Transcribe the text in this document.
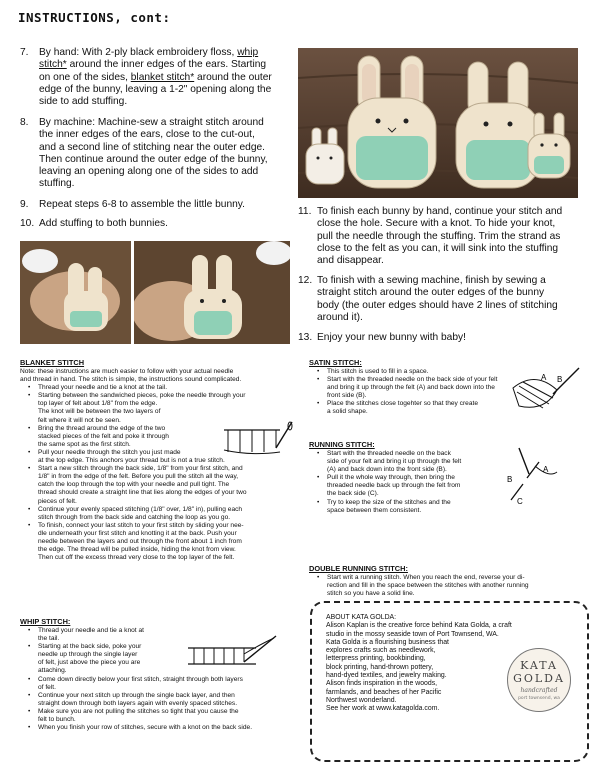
INSTRUCTIONS, cont:
7. By hand: With 2-ply black embroidery floss, whip
stitch* around the inner edges of the ears. Starting
on one of the sides, blanket stitch* around the outer
edge of the bunny, leaving a 1-2" opening along the
side to add stuffing.
8. By machine: Machine-sew a straight stitch around
the inner edges of the ears, close to the cut-out,
and a second line of stitching near the outer edge.
Then continue around the outer edge of the bunny,
leaving an opening along one of the sides to add
stuffing.
9. Repeat steps 6-8 to assemble the little bunny.
10. Add stuffing to both bunnies.
11. To finish each bunny by hand, continue your stitch and
close the hole. Secure with a knot. To hide your knot,
pull the needle through the stuffing. Trim the strand as
close to the felt as you can, it will sink into the stuffing
and disappear.
12. To finish with a sewing machine, finish by sewing a
straight stitch around the outer edges of the bunny
body (the outer edges should have 2 lines of stitching
around it).
13. Enjoy your new bunny with baby!
BLANKET STITCH
Note: these instructions are much easier to follow with your actual needle
and thread in hand. The stitch is simple, the instructions sound complicated.
• Thread your needle and tie a knot at the tail.
• Starting between the sandwiched pieces, poke the needle through your
top layer of felt about 1/8" from the edge.
The knot will be between the two layers of
felt where it will not be seen.
• Bring the thread around the edge of the two
stacked pieces of the felt and poke it through
the same spot as the first stitch.
• Pull your needle through the stitch you just made
at the top edge. This anchors your thread but is not a true stitch.
• Start a new stitch through the back side, 1/8" from your first stitch, and
1/8" in from the edge of the felt. Before you pull the stitch all the way,
catch the loop through the top with your needle and pull tight. The
thread should create a straight line that lies along the edges of your two
pieces of felt.
• Continue your evenly spaced stitching (1/8" over, 1/8" in), pulling each
stitch through from the back side and catching the loop as you go.
• To finish, connect your last stitch to your first stitch by sliding your nee-
dle underneath your first stitch and knotting it at the back. Push your
needle between the layers and out through the front about 1 inch from
the edge. The thread will be pulled inside, hiding the knot from view.
Then cut off the excess thread very close to the top layer of the felt.
WHIP STITCH:
• Thread your needle and tie a knot at
the tail.
• Starting at the back side, poke your
needle up through the single layer
of felt, just above the piece you are
attaching.
• Come down directly below your first stitch, straight through both layers
of felt.
• Continue your next stitch up through the single back layer, and then
straight down through both layers again with evenly spaced stitches.
• Make sure you are not pulling the stitches so tight that you cause the
felt to bunch.
• When you finish your row of stitches, secure with a knot on the back side.
SATIN STITCH:
• This stitch is used to fill in a space.
• Start with the threaded needle on the back side of your felt
and bring it up through the felt (A) and back down into the
front side (B).
• Place the stitches close togehter so that they create
a solid shape.
A B
RUNNING STITCH:
• Start with the threaded needle on the back
side of your felt and bring it up through the felt
(A) and back down into the front side (B).
• Pull it the whole way through, then bring the
threaded needle back up through the felt from
the back side (C).
• Try to keep the size of the stitches and the
space between them consistent.
A
B
C
DOUBLE RUNNING STITCH:
• Start writ a running stitch. When you reach the end, reverse your di-
rection and fill in the space between the stitches with another running
stitch so you have a solid line.
ABOUT KATA GOLDA:
Alison Kaplan is the creative force behind Kata Golda, a craft
studio in the mossy seaside town of Port Townsend, WA.
Kata Golda is a flourishing business that
explores crafts such as needlework,
letterpress printing, bookbinding,
block printing, hand-thrown pottery,
hand-dyed textiles, and jewelry making.
Alison finds inspiration in the woods,
farmlands, and beaches of her Pacific
Northwest wonderland.
See her work at www.katagolda.com.
KATA
GOLDA
handcrafted
port townsend, wa
